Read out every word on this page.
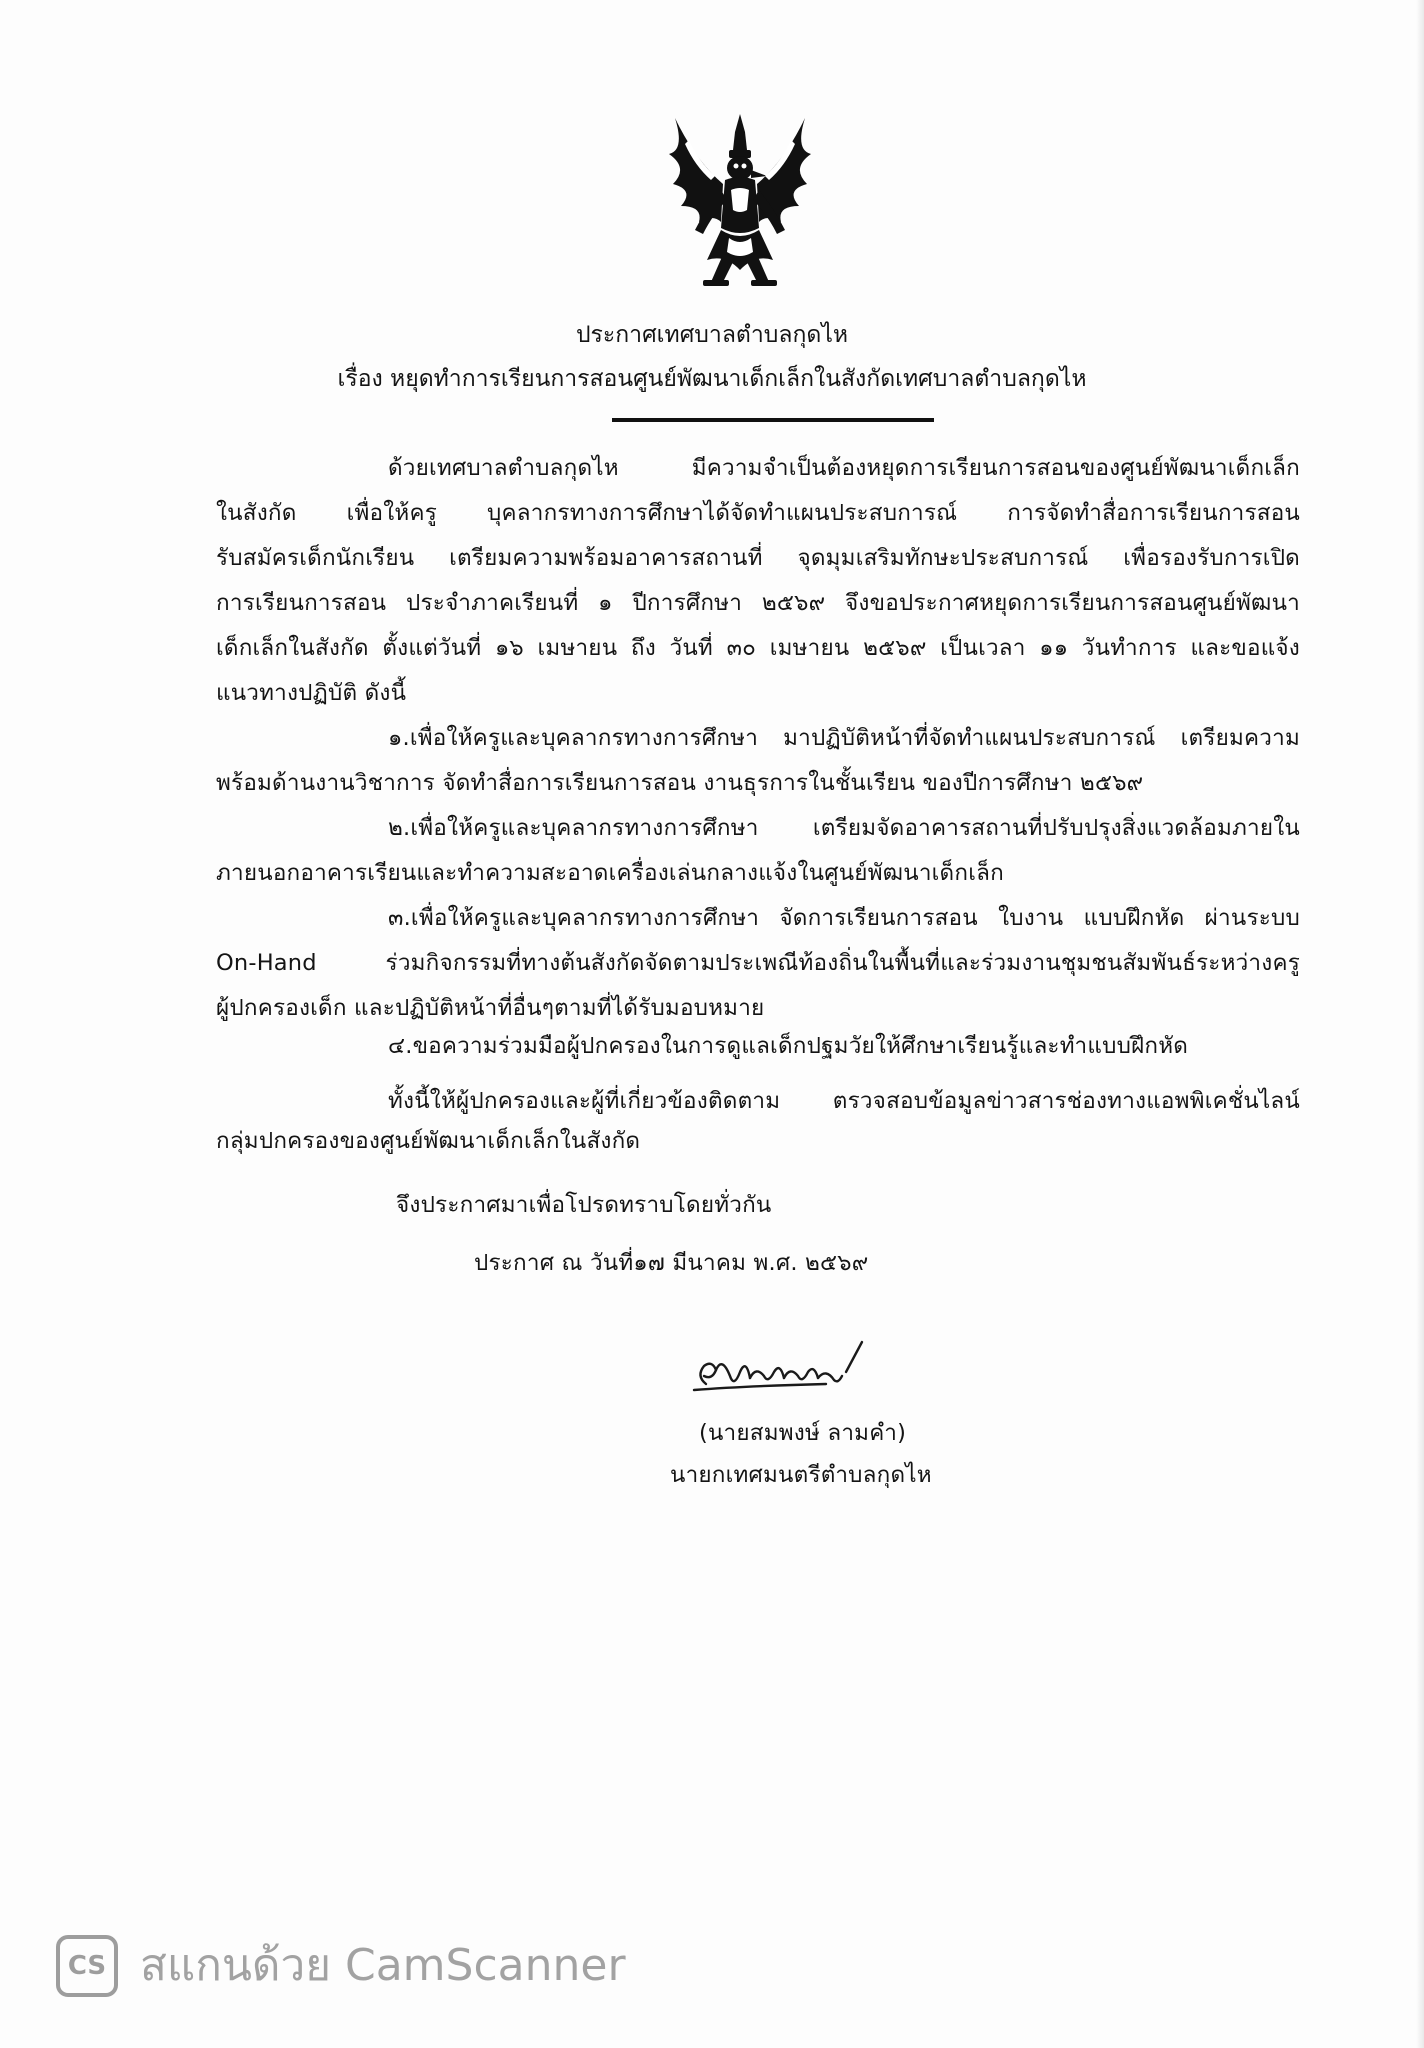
ประกาศเทศบาลตำบลกุดไห
เรื่อง หยุดทำการเรียนการสอนศูนย์พัฒนาเด็กเล็กในสังกัดเทศบาลตำบลกุดไห
ด้วยเทศบาลตำบลกุดไห มีความจำเป็นต้องหยุดการเรียนการสอนของศูนย์พัฒนาเด็กเล็ก
ในสังกัด เพื่อให้ครู บุคลากรทางการศึกษาได้จัดทำแผนประสบการณ์ การจัดทำสื่อการเรียนการสอน
รับสมัครเด็กนักเรียน เตรียมความพร้อมอาคารสถานที่ จุดมุมเสริมทักษะประสบการณ์ เพื่อรองรับการเปิด
การเรียนการสอน ประจำภาคเรียนที่ ๑ ปีการศึกษา ๒๕๖๙ จึงขอประกาศหยุดการเรียนการสอนศูนย์พัฒนา
เด็กเล็กในสังกัด ตั้งแต่วันที่ ๑๖ เมษายน ถึง วันที่ ๓๐ เมษายน ๒๕๖๙ เป็นเวลา ๑๑ วันทำการ และขอแจ้ง
แนวทางปฏิบัติ ดังนี้
๑.เพื่อให้ครูและบุคลากรทางการศึกษา มาปฏิบัติหน้าที่จัดทำแผนประสบการณ์ เตรียมความ
พร้อมด้านงานวิชาการ จัดทำสื่อการเรียนการสอน งานธุรการในชั้นเรียน ของปีการศึกษา ๒๕๖๙
๒.เพื่อให้ครูและบุคลากรทางการศึกษา เตรียมจัดอาคารสถานที่ปรับปรุงสิ่งแวดล้อมภายใน
ภายนอกอาคารเรียนและทำความสะอาดเครื่องเล่นกลางแจ้งในศูนย์พัฒนาเด็กเล็ก
๓.เพื่อให้ครูและบุคลากรทางการศึกษา จัดการเรียนการสอน ใบงาน แบบฝึกหัด ผ่านระบบ
On-Hand ร่วมกิจกรรมที่ทางต้นสังกัดจัดตามประเพณีท้องถิ่นในพื้นที่และร่วมงานชุมชนสัมพันธ์ระหว่างครู
ผู้ปกครองเด็ก และปฏิบัติหน้าที่อื่นๆตามที่ได้รับมอบหมาย
๔.ขอความร่วมมือผู้ปกครองในการดูแลเด็กปฐมวัยให้ศึกษาเรียนรู้และทำแบบฝึกหัด
ทั้งนี้ให้ผู้ปกครองและผู้ที่เกี่ยวข้องติดตาม ตรวจสอบข้อมูลข่าวสารช่องทางแอพพิเคชั่นไลน์
กลุ่มปกครองของศูนย์พัฒนาเด็กเล็กในสังกัด
จึงประกาศมาเพื่อโปรดทราบโดยทั่วกัน
ประกาศ ณ วันที่๑๗ มีนาคม พ.ศ. ๒๕๖๙
(นายสมพงษ์ ลามคำ)
นายกเทศมนตรีตำบลกุดไห
CS สแกนด้วย CamScanner
